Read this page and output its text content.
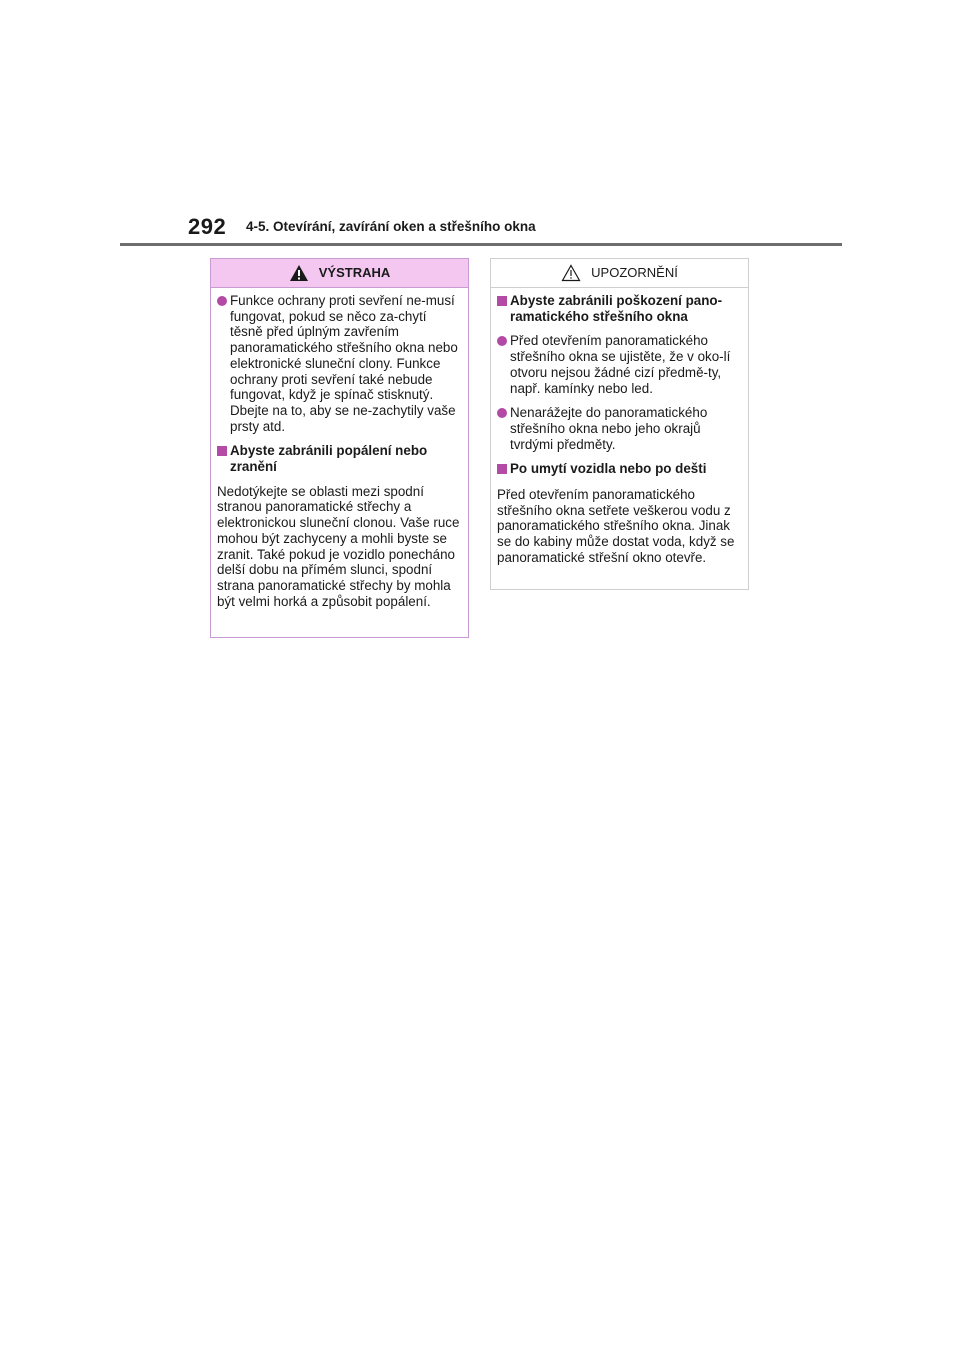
292 4-5. Otevírání, zavírání oken a střešního okna
VÝSTRAHA
Funkce ochrany proti sevření ne-musí fungovat, pokud se něco za-chytí těsně před úplným zavřením panoramatického střešního okna nebo elektronické sluneční clony. Funkce ochrany proti sevření také nebude fungovat, když je spínač stisknutý. Dbejte na to, aby se ne-zachytily vaše prsty atd.
Abyste zabránili popálení nebo zranění
Nedotýkejte se oblasti mezi spodní stranou panoramatické střechy a elektronickou sluneční clonou. Vaše ruce mohou být zachyceny a mohli byste se zranit. Také pokud je vozidlo ponecháno delší dobu na přímém slunci, spodní strana panoramatické střechy by mohla být velmi horká a způsobit popálení.
UPOZORNĚNÍ
Abyste zabránili poškození pano-ramatického střešního okna
Před otevřením panoramatického střešního okna se ujistěte, že v oko-lí otvoru nejsou žádné cizí předmě-ty, např. kamínky nebo led.
Nenarážejte do panoramatického střešního okna nebo jeho okrajů tvrdými předměty.
Po umytí vozidla nebo po dešti
Před otevřením panoramatického střešního okna setřete veškerou vodu z panoramatického střešního okna. Jinak se do kabiny může dostat voda, když se panoramatické střešní okno otevře.
